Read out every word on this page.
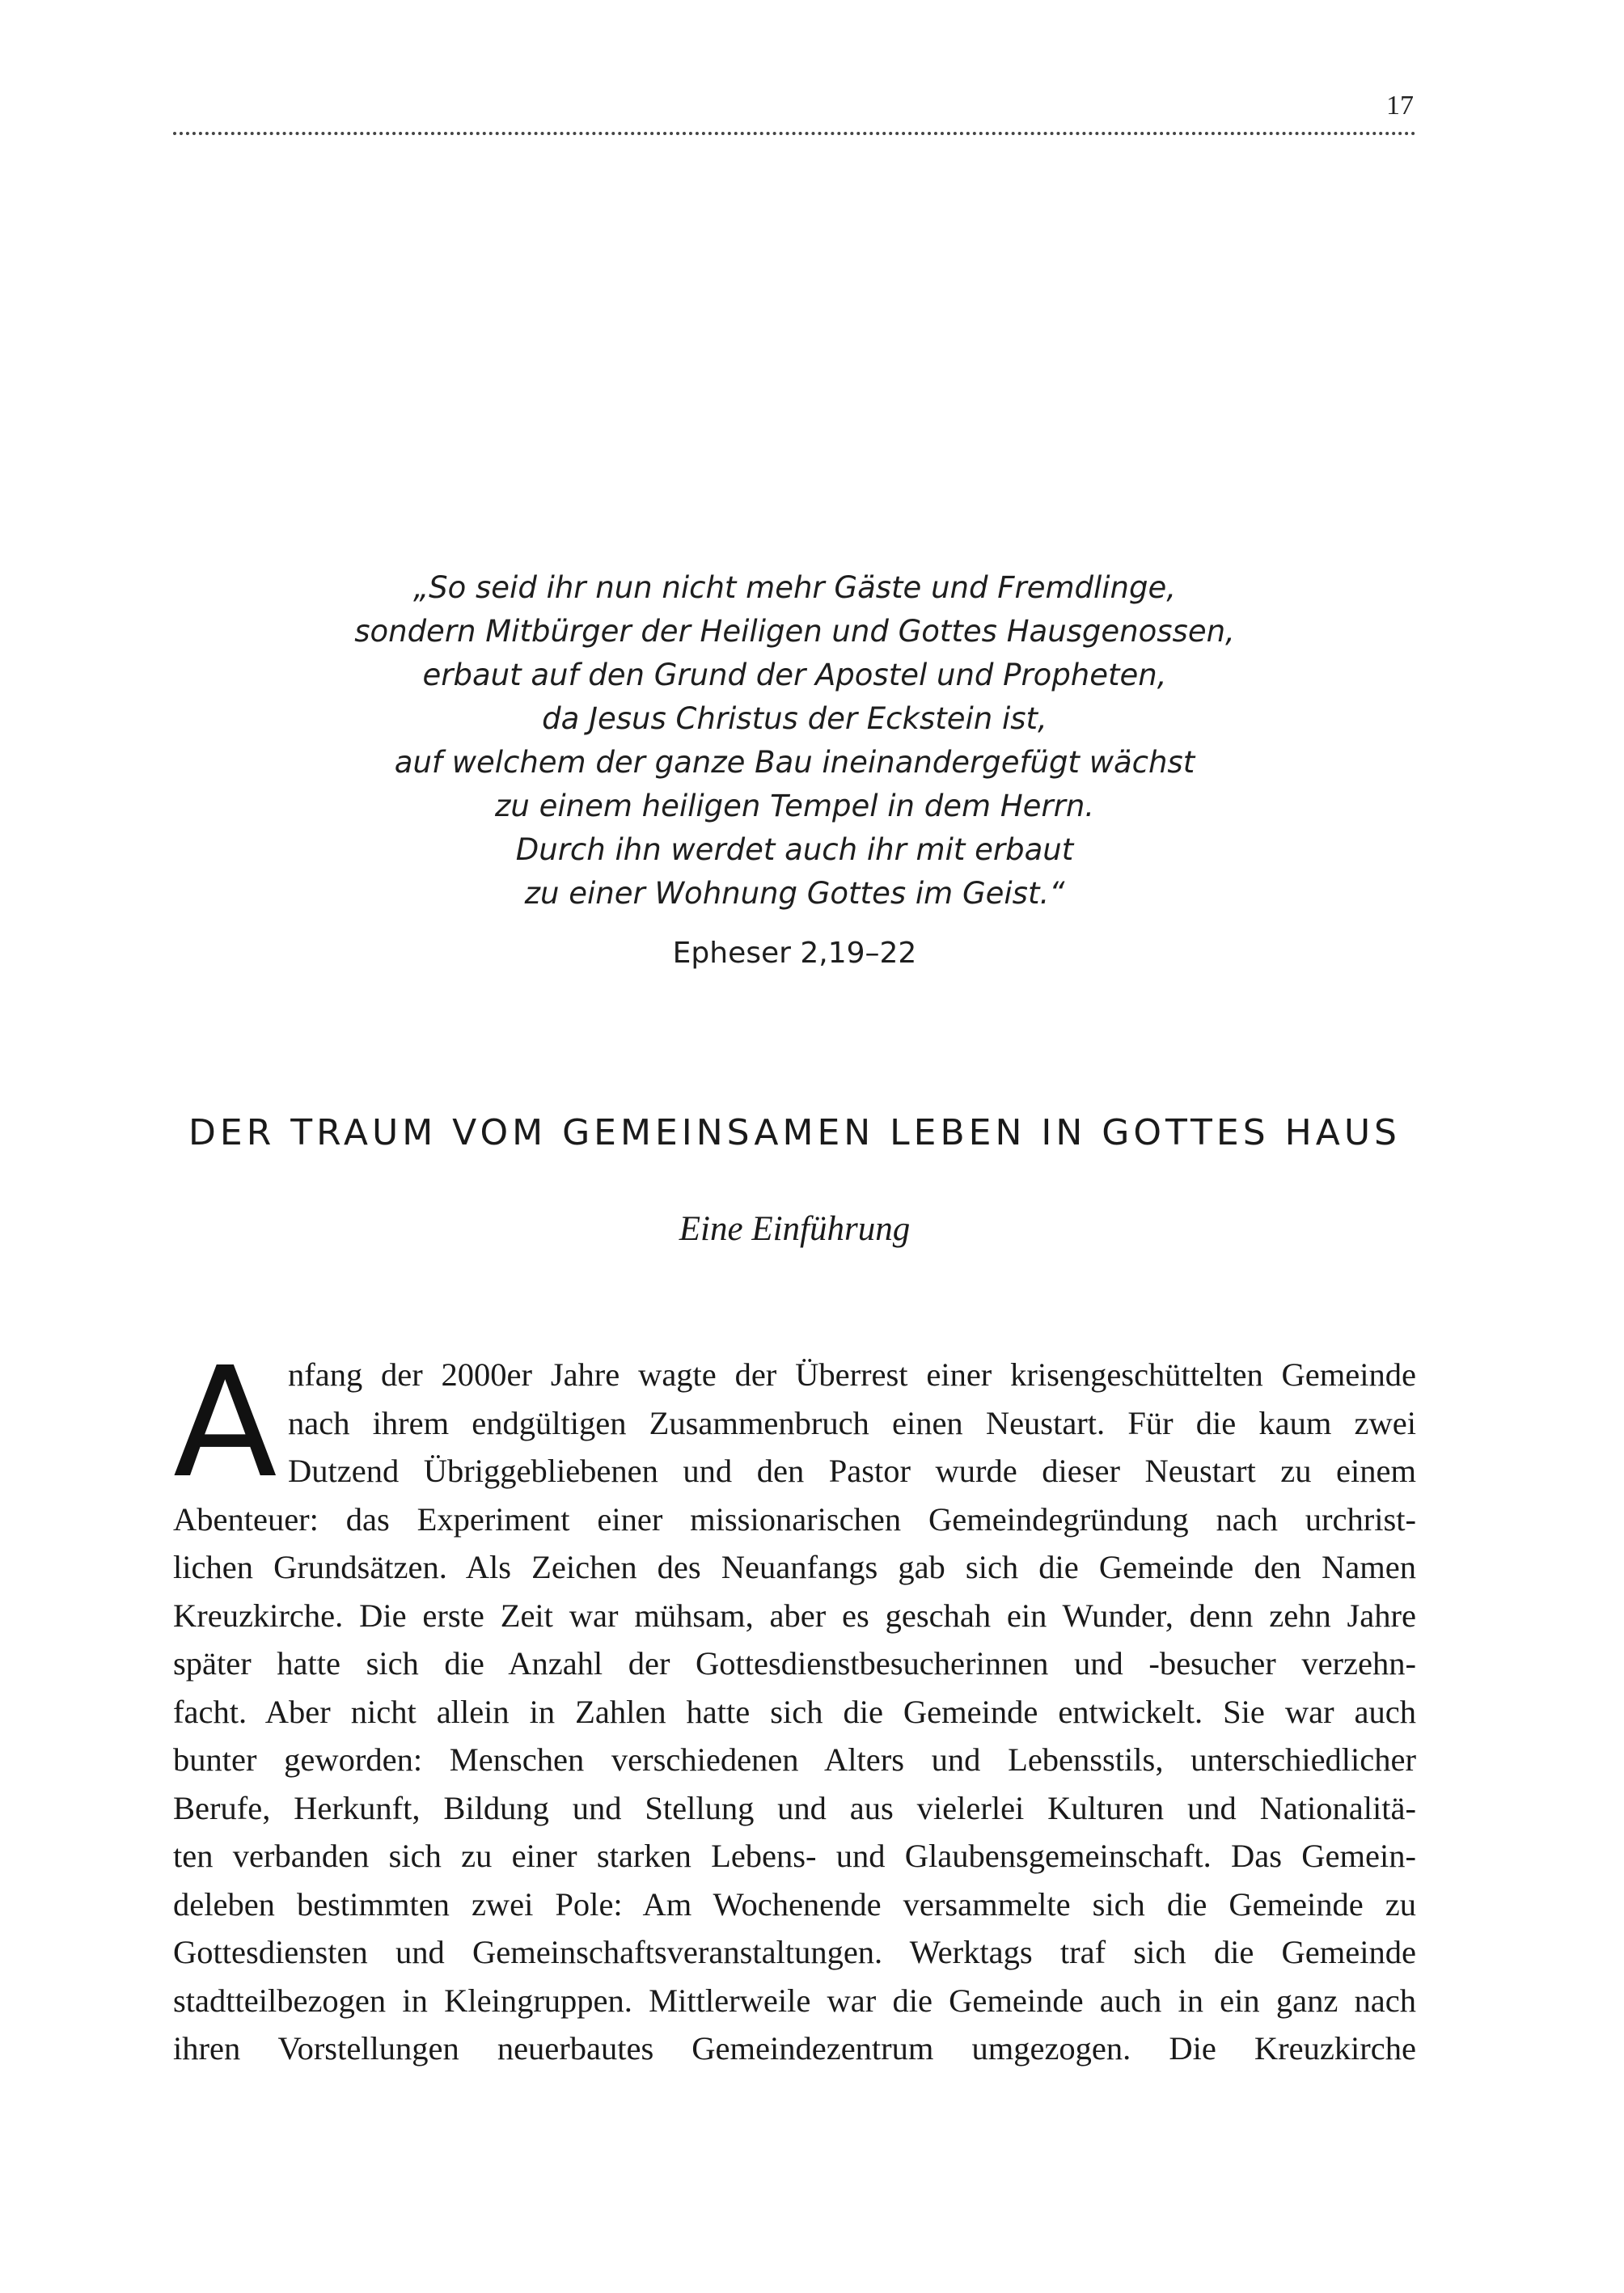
17
„So seid ihr nun nicht mehr Gäste und Fremdlinge,
sondern Mitbürger der Heiligen und Gottes Hausgenossen,
erbaut auf den Grund der Apostel und Propheten,
da Jesus Christus der Eckstein ist,
auf welchem der ganze Bau ineinandergefügt wächst
zu einem heiligen Tempel in dem Herrn.
Durch ihn werdet auch ihr mit erbaut
zu einer Wohnung Gottes im Geist.“
Epheser 2,19–22
DER TRAUM VOM GEMEINSAMEN LEBEN IN GOTTES HAUS
Eine Einführung
A nfang der 2000er Jahre wagte der Überrest einer krisengeschüttelten Gemeinde
nach ihrem endgültigen Zusammenbruch einen Neustart. Für die kaum zwei
Dutzend Übriggebliebenen und den Pastor wurde dieser Neustart zu einem
Abenteuer: das Experiment einer missionarischen Gemeindegründung nach urchrist-
lichen Grundsätzen. Als Zeichen des Neuanfangs gab sich die Gemeinde den Namen
Kreuzkirche. Die erste Zeit war mühsam, aber es geschah ein Wunder, denn zehn Jahre
später hatte sich die Anzahl der Gottesdienstbesucherinnen und -besucher verzehn-
facht. Aber nicht allein in Zahlen hatte sich die Gemeinde entwickelt. Sie war auch
bunter geworden: Menschen verschiedenen Alters und Lebensstils, unterschiedlicher
Berufe, Herkunft, Bildung und Stellung und aus vielerlei Kulturen und Nationalitä-
ten verbanden sich zu einer starken Lebens- und Glaubensgemeinschaft. Das Gemein-
deleben bestimmten zwei Pole: Am Wochenende versammelte sich die Gemeinde zu
Gottesdiensten und Gemeinschaftsveranstaltungen. Werktags traf sich die Gemeinde
stadtteilbezogen in Kleingruppen. Mittlerweile war die Gemeinde auch in ein ganz nach
ihren Vorstellungen neuerbautes Gemeindezentrum umgezogen. Die Kreuzkirche
